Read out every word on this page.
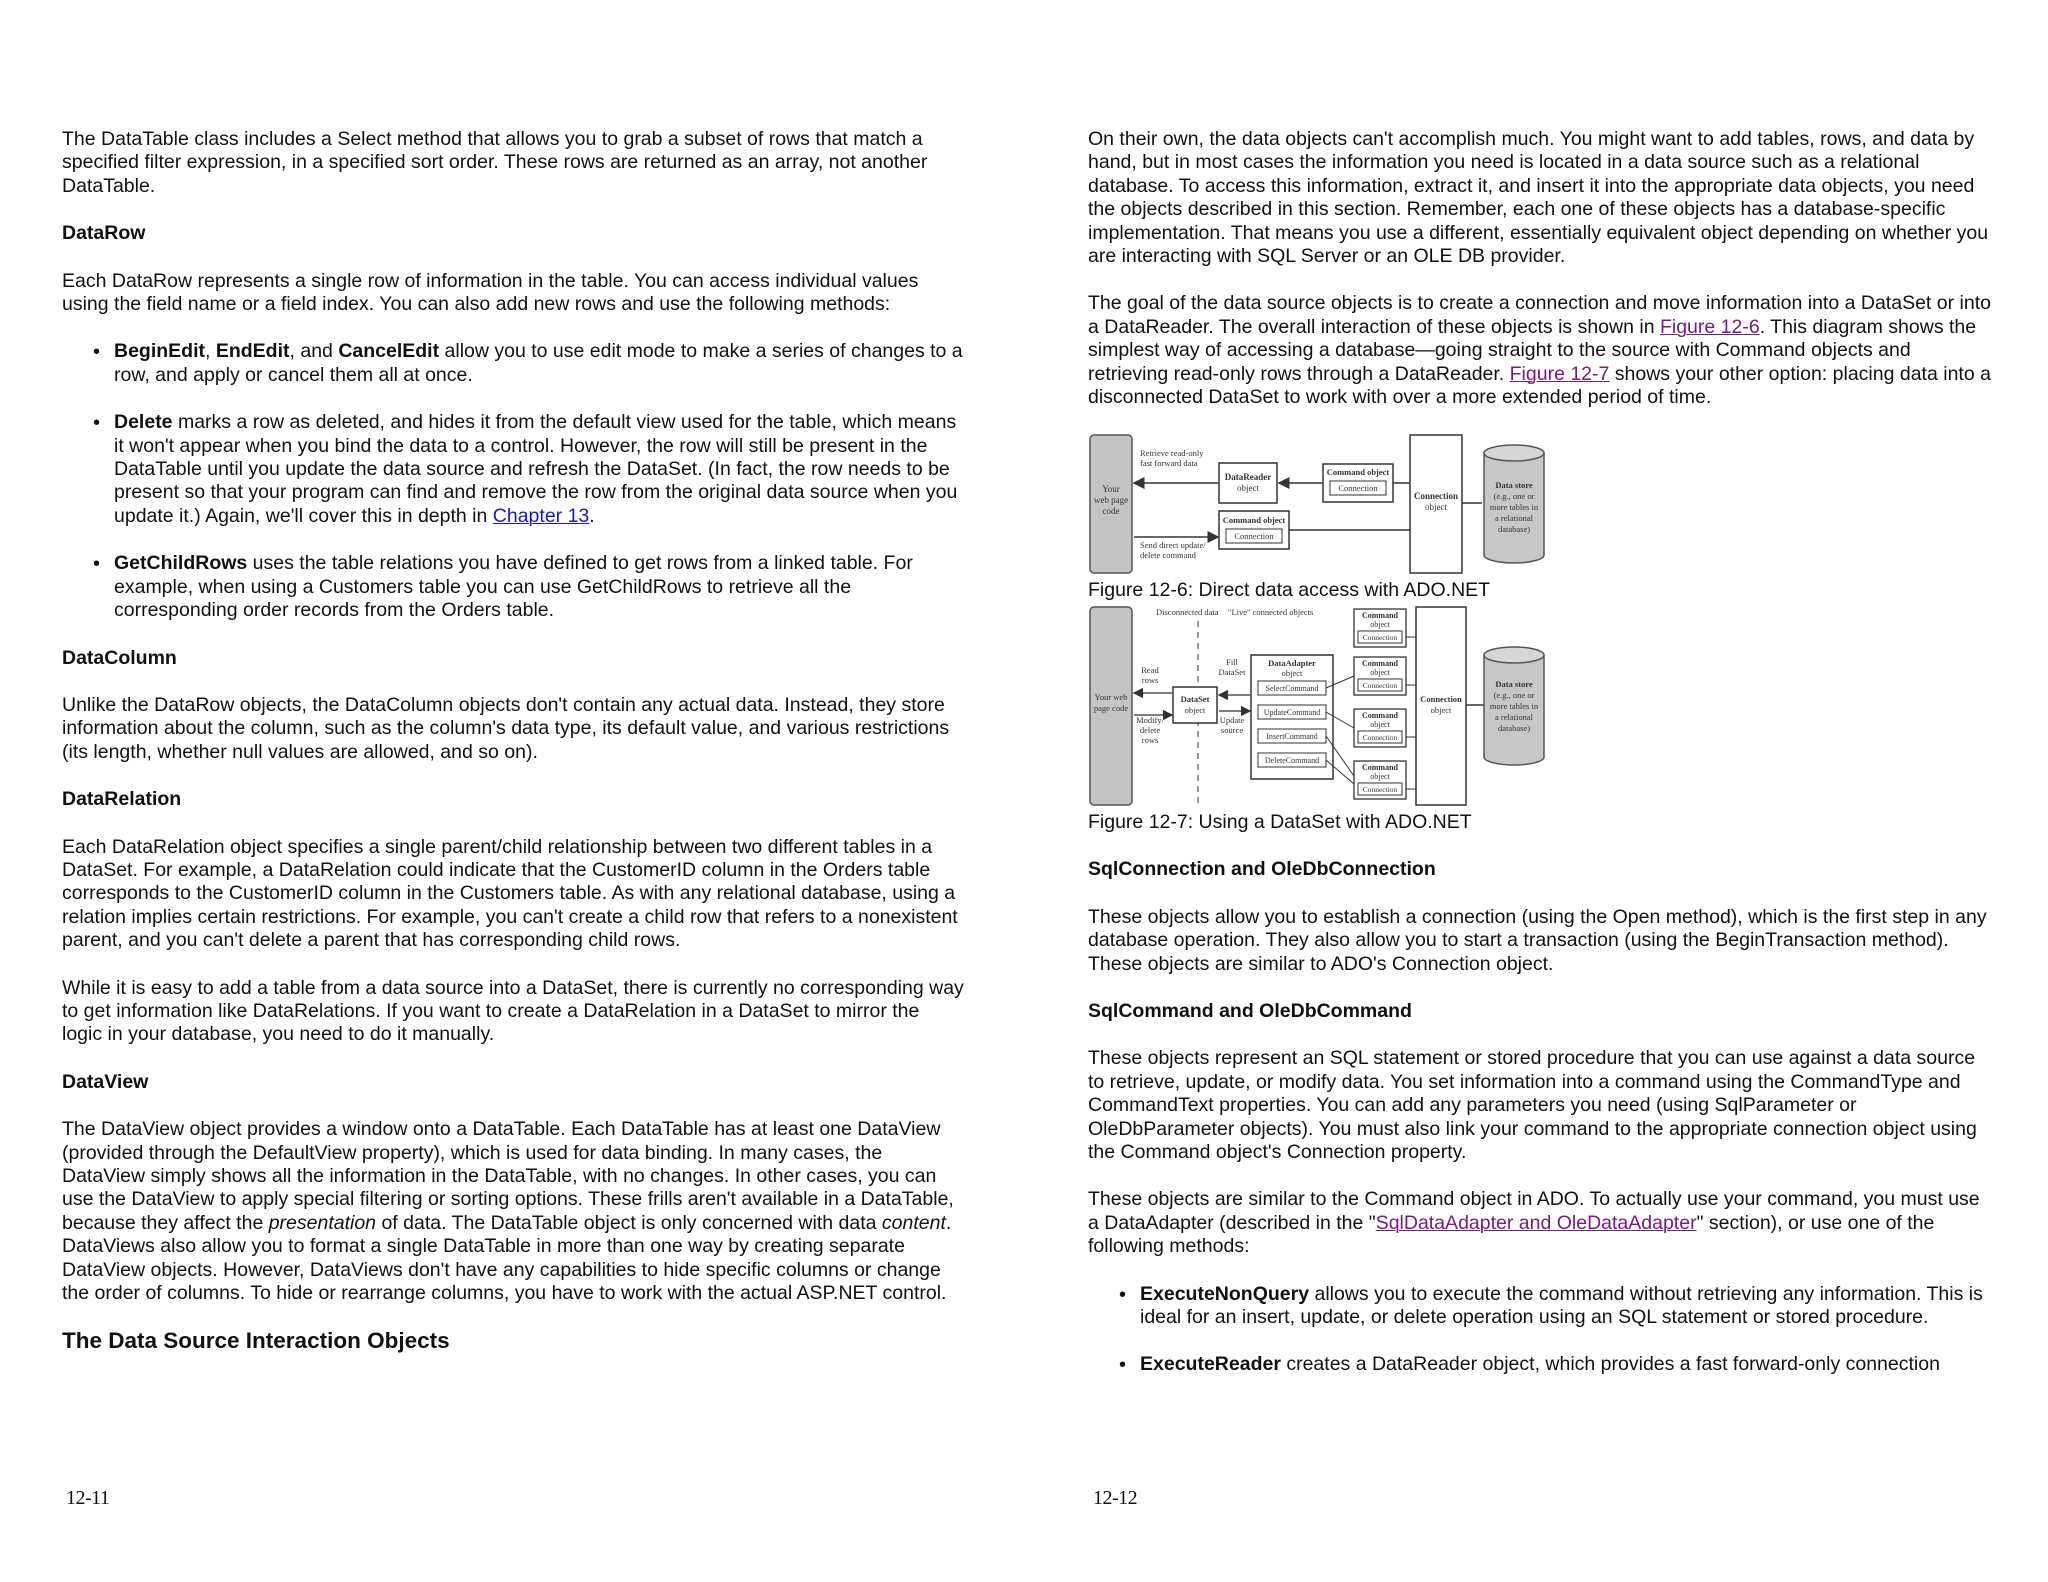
The DataTable class includes a Select method that allows you to grab a subset of rows that match a specified filter expression, in a specified sort order. These rows are returned as an array, not another DataTable.

DataRow

Each DataRow represents a single row of information in the table. You can access individual values using the field name or a field index. You can also add new rows and use the following methods:

• BeginEdit, EndEdit, and CancelEdit allow you to use edit mode to make a series of changes to a row, and apply or cancel them all at once.
• Delete marks a row as deleted, and hides it from the default view used for the table, which means it won't appear when you bind the data to a control. However, the row will still be present in the DataTable until you update the data source and refresh the DataSet. (In fact, the row needs to be present so that your program can find and remove the row from the original data source when you update it.) Again, we'll cover this in depth in Chapter 13.
• GetChildRows uses the table relations you have defined to get rows from a linked table. For example, when using a Customers table you can use GetChildRows to retrieve all the corresponding order records from the Orders table.
DataColumn

Unlike the DataRow objects, the DataColumn objects don't contain any actual data. Instead, they store information about the column, such as the column's data type, its default value, and various restrictions (its length, whether null values are allowed, and so on).

DataRelation

Each DataRelation object specifies a single parent/child relationship between two different tables in a DataSet. For example, a DataRelation could indicate that the CustomerID column in the Orders table corresponds to the CustomerID column in the Customers table. As with any relational database, using a relation implies certain restrictions. For example, you can't create a child row that refers to a nonexistent parent, and you can't delete a parent that has corresponding child rows.

While it is easy to add a table from a data source into a DataSet, there is currently no corresponding way to get information like DataRelations. If you want to create a DataRelation in a DataSet to mirror the logic in your database, you need to do it manually.

DataView

The DataView object provides a window onto a DataTable. Each DataTable has at least one DataView (provided through the DefaultView property), which is used for data binding. In many cases, the DataView simply shows all the information in the DataTable, with no changes. In other cases, you can use the DataView to apply special filtering or sorting options. These frills aren't available in a DataTable, because they affect the presentation of data. The DataTable object is only concerned with data content. DataViews also allow you to format a single DataTable in more than one way by creating separate DataView objects. However, DataViews don't have any capabilities to hide specific columns or change the order of columns. To hide or rearrange columns, you have to work with the actual ASP.NET control.

The Data Source Interaction Objects
12-11

On their own, the data objects can't accomplish much. You might want to add tables, rows, and data by hand, but in most cases the information you need is located in a data source such as a relational database. To access this information, extract it, and insert it into the appropriate data objects, you need the objects described in this section. Remember, each one of these objects has a database-specific implementation. That means you use a different, essentially equivalent object depending on whether you are interacting with SQL Server or an OLE DB provider.

The goal of the data source objects is to create a connection and move information into a DataSet or into a DataReader. The overall interaction of these objects is shown in Figure 12-6. This diagram shows the simplest way of accessing a database—going straight to the source with Command objects and retrieving read-only rows through a DataReader. Figure 12-7 shows your other option: placing data into a disconnected DataSet to work with over a more extended period of time.

Your web page code
Retrieve read-only fast forward data
Send direct update/ delete command
DataReader object
Command object
Connection
Command object
Connection
Connection object
Data store (e.g., one or more tables in a relational database)
Figure 12-6: Direct data access with ADO.NET
Disconnected data "Live" connected objects
Your web page code
Read rows
Modify/ delete rows
DataSet object
Fill DataSet
Update source
DataAdapter object
SelectCommand
UpdateCommand
InsertCommand
DeleteCommand
Command object
Connection
Command object
Connection
Command object
Connection
Command object
Connection
Connection object
Data store (e.g., one or more tables in a relational database)
Figure 12-7: Using a DataSet with ADO.NET
SqlConnection and OleDbConnection

These objects allow you to establish a connection (using the Open method), which is the first step in any database operation. They also allow you to start a transaction (using the BeginTransaction method). These objects are similar to ADO's Connection object.

SqlCommand and OleDbCommand

These objects represent an SQL statement or stored procedure that you can use against a data source to retrieve, update, or modify data. You set information into a command using the CommandType and CommandText properties. You can add any parameters you need (using SqlParameter or OleDbParameter objects). You must also link your command to the appropriate connection object using the Command object's Connection property.

These objects are similar to the Command object in ADO. To actually use your command, you must use a DataAdapter (described in the "SqlDataAdapter and OleDataAdapter" section), or use one of the following methods:

• ExecuteNonQuery allows you to execute the command without retrieving any information. This is ideal for an insert, update, or delete operation using an SQL statement or stored procedure.
• ExecuteReader creates a DataReader object, which provides a fast forward-only connection
12-12
